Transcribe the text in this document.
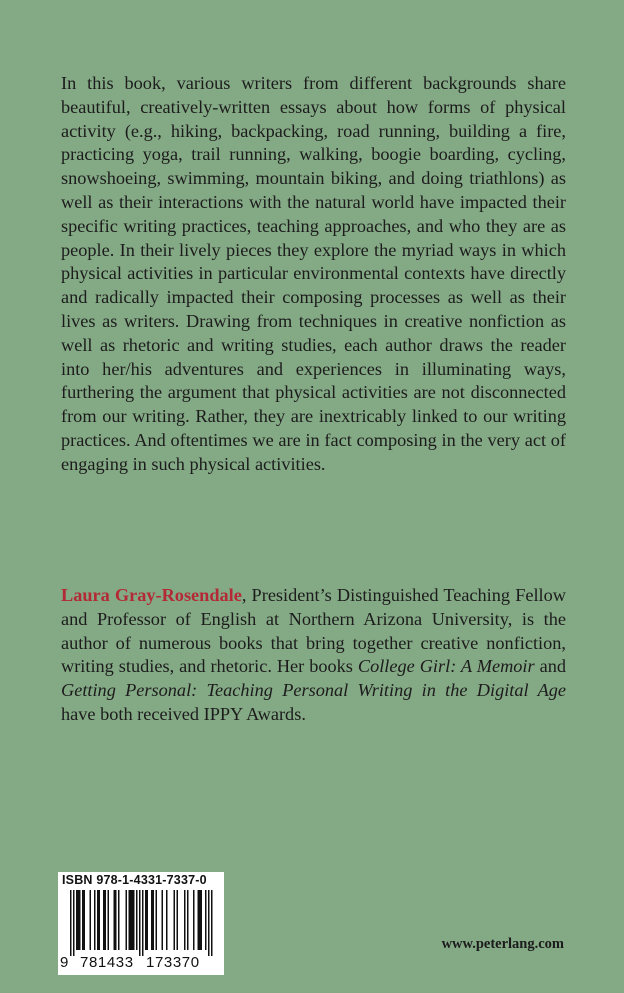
In this book, various writers from different backgrounds share beautiful, creatively-written essays about how forms of physical activity (e.g., hiking, backpacking, road running, building a fire, practicing yoga, trail running, walking, boogie boarding, cycling, snowshoeing, swimming, mountain biking, and doing triathlons) as well as their interactions with the natural world have impacted their specific writing practices, teaching approaches, and who they are as people. In their lively pieces they explore the myriad ways in which physical activities in particular environmental contexts have directly and radically impacted their composing processes as well as their lives as writers. Drawing from techniques in creative nonfiction as well as rhetoric and writing studies, each author draws the reader into her/his adventures and experiences in illuminating ways, furthering the argument that physical activities are not disconnected from our writing. Rather, they are inextricably linked to our writing practices. And oftentimes we are in fact composing in the very act of engaging in such physical activities.

Laura Gray-Rosendale, President’s Distinguished Teaching Fellow and Professor of English at Northern Arizona University, is the author of numerous books that bring together creative nonfiction, writing studies, and rhetoric. Her books College Girl: A Memoir and Getting Personal: Teaching Personal Writing in the Digital Age have both received IPPY Awards.

ISBN 978-1-4331-7337-0
9 781433 173370
www.peterlang.com
